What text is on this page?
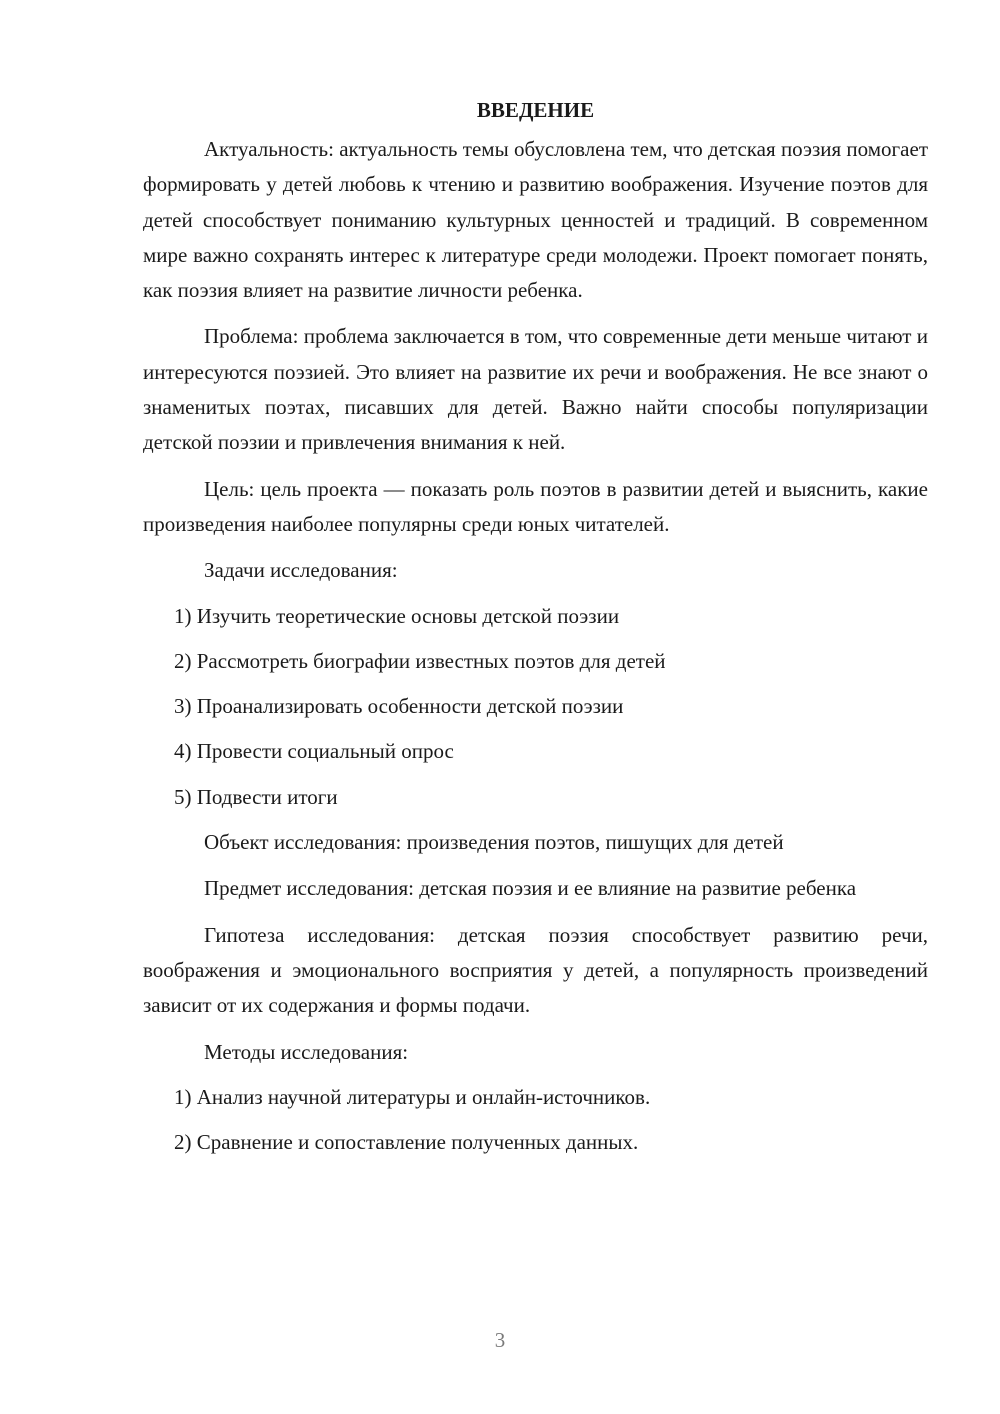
ВВЕДЕНИЕ

Актуальность: актуальность темы обусловлена тем, что детская поэзия помогает формировать у детей любовь к чтению и развитию воображения. Изучение поэтов для детей способствует пониманию культурных ценностей и традиций. В современном мире важно сохранять интерес к литературе среди молодежи. Проект помогает понять, как поэзия влияет на развитие личности ребенка.

Проблема: проблема заключается в том, что современные дети меньше читают и интересуются поэзией. Это влияет на развитие их речи и воображения. Не все знают о знаменитых поэтах, писавших для детей. Важно найти способы популяризации детской поэзии и привлечения внимания к ней.

Цель: цель проекта — показать роль поэтов в развитии детей и выяснить, какие произведения наиболее популярны среди юных читателей.

Задачи исследования:

1) Изучить теоретические основы детской поэзии

2) Рассмотреть биографии известных поэтов для детей

3) Проанализировать особенности детской поэзии

4) Провести социальный опрос

5) Подвести итоги

Объект исследования: произведения поэтов, пишущих для детей

Предмет исследования: детская поэзия и ее влияние на развитие ребенка

Гипотеза исследования: детская поэзия способствует развитию речи, воображения и эмоционального восприятия у детей, а популярность произведений зависит от их содержания и формы подачи.

Методы исследования:

1) Анализ научной литературы и онлайн-источников.

2) Сравнение и сопоставление полученных данных.

3
